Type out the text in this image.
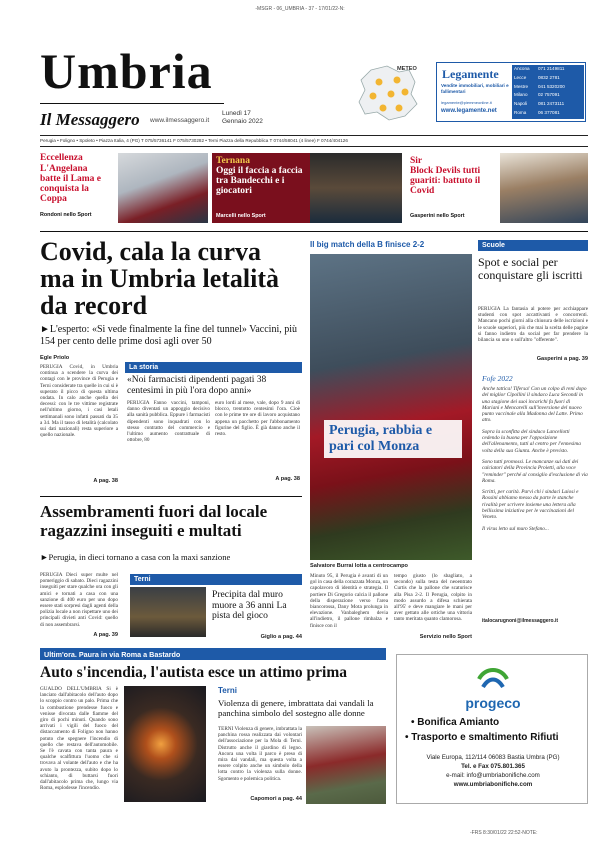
-MSGR - 06_UMBRIA - 37 - 17/01/22-N:
Umbria
Il Messaggero www.ilmessaggero.it
Lunedì 17
Gennaio 2022
METEO Legamente
Vendite immobiliari, mobiliari e fallimentari
legamente@piemmeonline.it
www.legamente.net
Ancona	071 2149811
Lecce	0832 2781
Mestre	041 5320200
Milano	02 757091
Napoli	081 2473111
Roma	06 377081
Perugia • Foligno • Spoleto • Piazza Italia, 4 (PG) T 075/5736141 F 075/5730282 • Terni Piazza della Repubblica T 0744/58041 (4 linee) F 0744/404126
Eccellenza
L'Angelana batte il Lama e conquista la Coppa
Rondoni nello Sport
Ternana
Oggi il faccia a faccia tra Bandecchi e i giocatori
Marcelli nello Sport
Sir
Block Devils tutti guariti: battuto il Covid
Gasperini nello Sport
Covid, cala la curva ma in Umbria letalità da record
►L'esperto: «Si vede finalmente la fine del tunnel» Vaccini, più 154 per cento delle prime dosi agli over 50
Egle Priolo
PERUGIA Covid, in Umbria continua a scendere la curva dei contagi con le province di Perugia e Terni considerate tra quelle in cui si è superato il picco di questa ultima ondata. In calo anche quella dei decessi: con le tre vittime registrate nell'ultimo giorno, i casi letali settimanali sono infatti passati da 35 a 34. Ma il tasso di letalità (calcolato sui dati nazionali) resta superiore a quello nazionale.
A pag. 38
La storia
«Noi farmacisti dipendenti pagati 38 centesimi in più l'ora dopo anni»
PERUGIA Fanno vaccini, tamponi, danno diventati un appoggio decisivo alla sanità pubblica. Eppure i farmacisti dipendenti sono inquadrati con lo stesso contratto del commercio e l'ultimo aumento contrattuale di ottobre, 80
euro lordi al mese, vale, dopo 9 anni di blocco, trentotto centesimi l'ora. Cioè con le prime tre ore di lavoro acquistano appena un pacchetto per l'abbonamento figurine del figlio. È già danno anche il resto.
A pag. 38
Assembramenti fuori dal locale ragazzini inseguiti e multati
►Perugia, in dieci tornano a casa con la maxi sanzione
PERUGIA Dieci super multe nel pomeriggio di sabato. Dieci ragazzini inseguiti per stare qualche ora con gli amici e tornati a casa con una sanzione di 400 euro per uno dopo essere stati sorpresi dagli agenti della polizia locale a non rispettare uno dei principali divieti anti Covid: quello di non assembrarsi.
A pag. 39
Terni
Precipita dal muro muore a 36 anni La pista del gioco
Giglio a pag. 44
Il big match della B finisce 2-2
Perugia, rabbia e pari col Monza
Salvatore Burrai lotta a centrocampo
Minuto 95, il Perugia è avanti di un gol in casa della corazzata Monza, un capolavoro di identità e strategia. Il portiere Di Gregorio calcia il pallone della disperazione verso l'area biancorossa, Dany Mota prolunga in elevazione. Vanbaleghem devia all'indietro, il pallone rimbalza e finisce con il
tempo giusto (lo sbagliato, a secondo) sulla testa del neoentrato Curtis che la pallone che scaturisce alla Pisa 2-2. Il Perugia, colpito in modo assurdo a difesa schierata all'95' e deve mangiare le mani per aver gettato alle ortiche una vittoria tanto meritata quanto clamorosa.
Servizio nello Sport
Scuole
Spot e social per conquistare gli iscritti
PERUGIA La fantasia al potere per acchiappare studenti con spot accattivanti e concorrenti. Mancano pochi giorni alla chiusura delle iscrizioni e le scuole superiori, più che mai la scelta delle pagine si fanno indietro da social per far prendere la bilancia su uno o sull'altro "offerente".
Gasperini a pag. 39
Fofe 2022

Anche tattica! Tifersa! Con un colpo di reni dopo del miglior Cipollini il sindaco Luca Secondi in una stagione dei suoi incarichi fa fuori di Mariani e Mencarelli sull'inversione del nuovo punto vaccinale alla Madonna del Latte. Primo atto.

Sopra la sconfitta del sindaco Lancellotti cedendo la buona per l'opposizione dell'allenamento, tutti al centro per l'ennesima volta della sua Giunta. Anche è previsto.

Sono tutti promossi. Le mancanze sui dati dei calciatori della Provincia Proietti, alla voce "reminder" perché al consiglio d'esclusione di via Roma.

Scritti, per carità. Parvi chi i sindaci Laiosi e Rossini abbiamo messo da parte le stanche rivalità per scrivere insieme una lettera alla bellissima iniziativa per le vaccinazioni del Veneto.

Il virus letto sul muro Stefano...

italocarugnoni@ilmessaggero.it
Ultim'ora. Paura in via Roma a Bastardo
Auto s'incendia, l'autista esce un attimo prima
GUALDO DELL'UMBRIA Si è lanciato dall'abitacolo dell'auto dopo lo scoppio contro un palo. Prima che la combustione prendesse fuoco e venisse divorata dalle fiamme del giro di pochi minuti. Quando sono arrivati i vigili del fuoco del distaccamento di Foligno non hanno potuto che spegnere l'incendio di quello che restava dell'automobile. Se l'è cavata con tanta paura e qualche scalfittura l'uomo che si trovava al volante dell'auto e che ha avuto la prontezza, subito dopo lo schianto, di buttarsi fuori dall'abitacolo prima che, lungo via Roma, esplodesse l'incendio.
Terni
Violenza di genere, imbrattata dai vandali la panchina simbolo del sostegno alle donne
TERNI Violenza di genere, imbrattata la panchina rossa realizzata dai volontari dell'associazione per la Mola di Terni. Distrutto anche il giardino di legno. Ancora una volta il parco è preso di mira dai vandali, ma questa volta a essere colpito anche un simbolo della lotta contro la violenza sulla donne. Sgomento e polemica politica.
Capomori a pag. 44
progeco
• Bonifica Amianto
• Trasporto e smaltimento Rifiuti
Viale Europa, 112/114 06083 Bastia Umbra (PG)
Tel. e Fax 075.801.365
e-mail: info@umbriabonifiche.com
www.umbriabonifiche.com
-FRS 8:30/01/22 22:52-NOTE:
